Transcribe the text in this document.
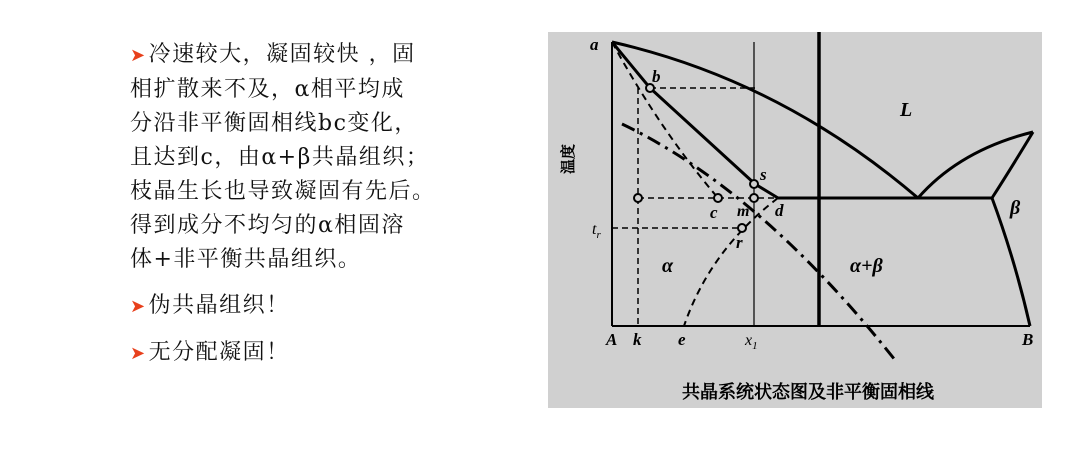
➤冷速较大，凝固较快 ，固
相扩散来不及，α相平均成
分沿非平衡固相线bc变化，
且达到c，由α+β共晶组织；
枝晶生长也导致凝固有先后。
得到成分不均匀的α相固溶
体+非平衡共晶组织。
➤伪共晶组织！
➤无分配凝固！
a
b
c
s
m d
r
$t_r$
A k e	$x_1$	B
L
α	α+β
β
温度
共晶系统状态图及非平衡固相线
